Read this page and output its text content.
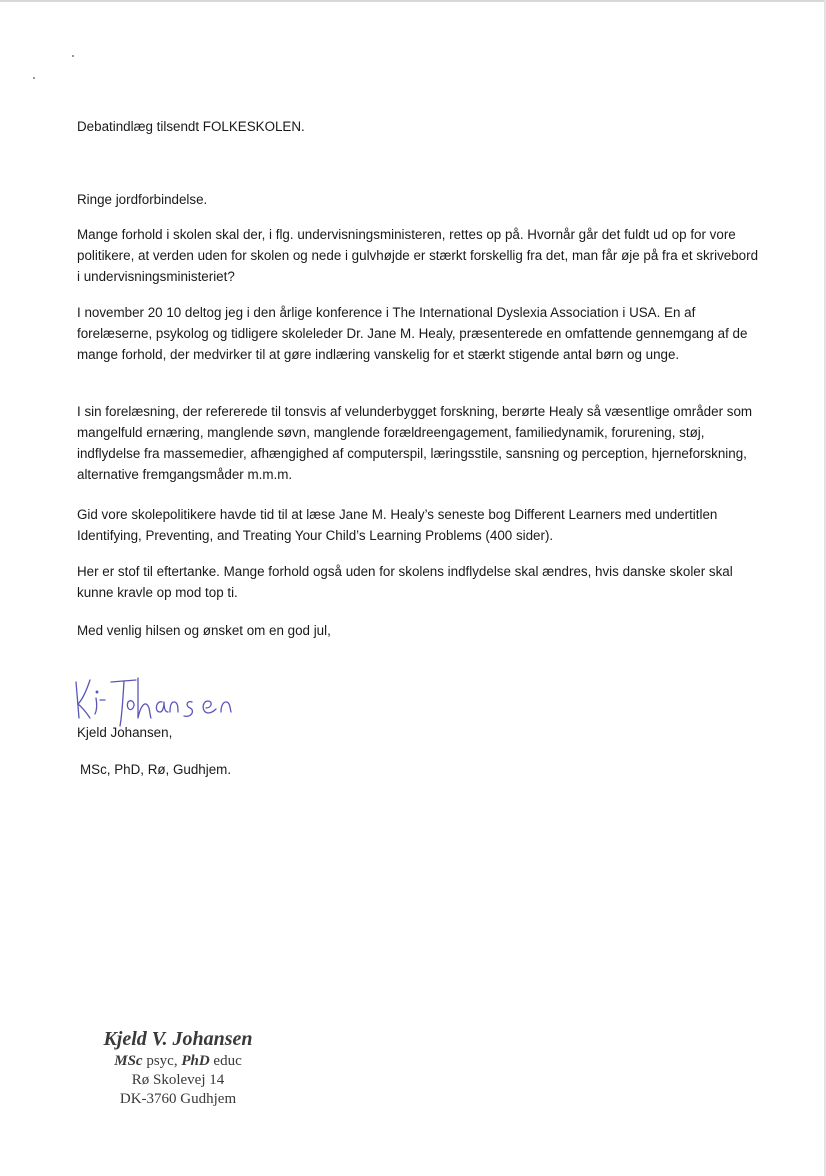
Debatindlæg tilsendt FOLKESKOLEN.

Ringe jordforbindelse.

Mange forhold i skolen skal der, i flg. undervisningsministeren, rettes op på. Hvornår går det fuldt ud op for vore politikere, at verden uden for skolen og nede i gulvhøjde er stærkt forskellig fra det, man får øje på fra et skrivebord i undervisningsministeriet?

I november 20 10 deltog jeg i den årlige konference i The International Dyslexia Association i USA. En af forelæserne, psykolog og tidligere skoleleder Dr. Jane M. Healy, præsenterede en omfattende gennemgang af de mange forhold, der medvirker til at gøre indlæring vanskelig for et stærkt stigende antal børn og unge.

I sin forelæsning, der refererede til tonsvis af velunderbygget forskning, berørte Healy så væsentlige områder som mangelfuld ernæring, manglende søvn, manglende forældreengagement, familiedynamik, forurening, støj, indflydelse fra massemedier, afhængighed af computerspil, læringsstile, sansning og perception, hjerneforskning, alternative fremgangsmåder m.m.m.

Gid vore skolepolitikere havde tid til at læse Jane M. Healy’s seneste bog Different Learners med undertitlen Identifying, Preventing, and Treating Your Child’s Learning Problems (400 sider).

Her er stof til eftertanke. Mange forhold også uden for skolens indflydelse skal ændres, hvis danske skoler skal kunne kravle op mod top ti.

Med venlig hilsen og ønsket om en god jul,

Kjeld Johansen,
MSc, PhD, Rø, Gudhjem.
Kjeld V. Johansen
MSc psyc, PhD educ
Rø Skolevej 14
DK-3760 Gudhjem
